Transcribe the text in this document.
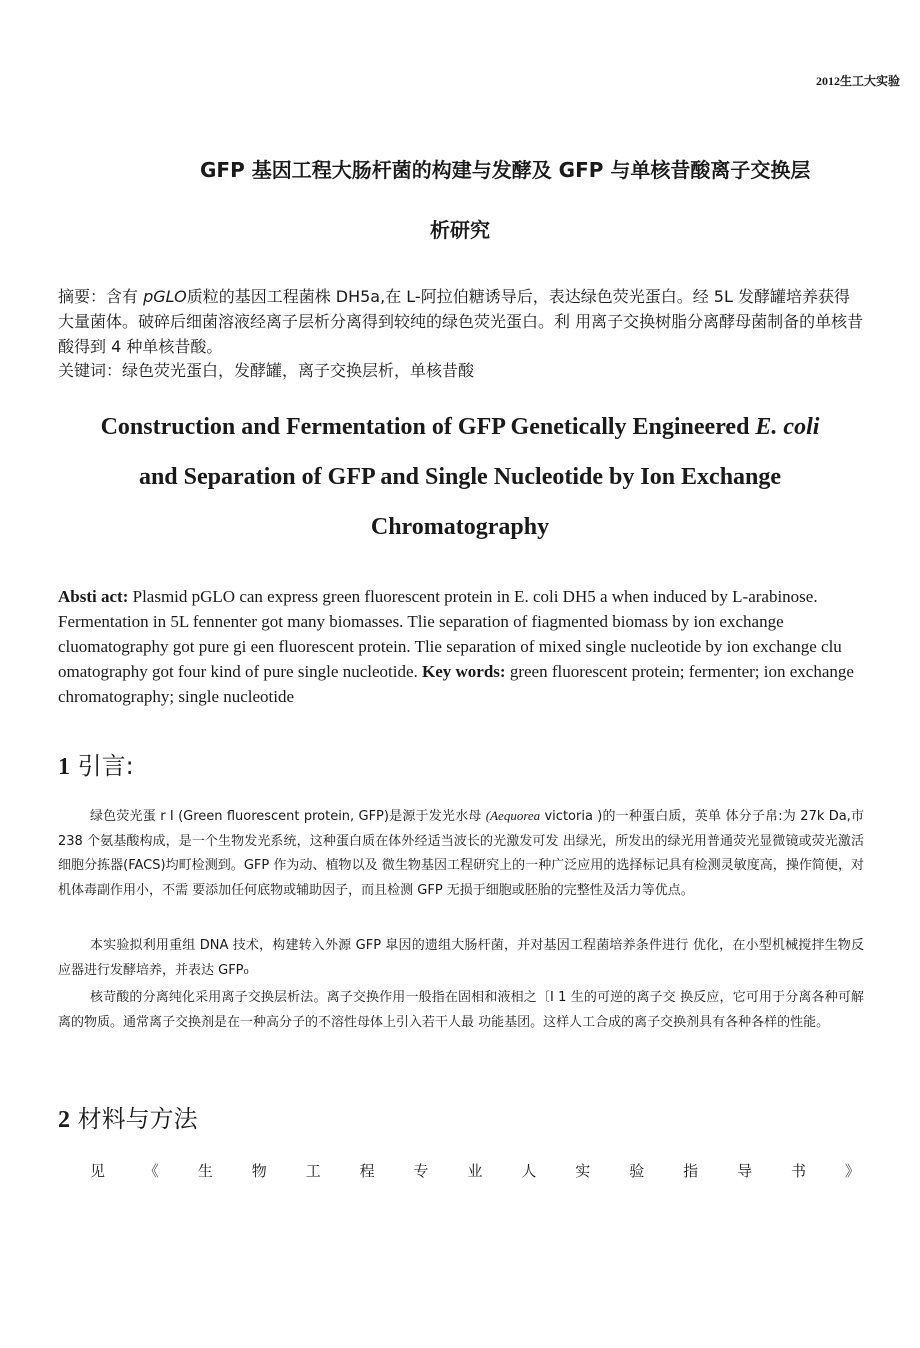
2012生工大实验
GFP 基因工程大肠杆菌的构建与发酵及 GFP 与单核昔酸离子交换层
析研究
摘要：含有 pGLO质粒的基因工程菌株 DH5a,在 L-阿拉伯糖诱导后，表达绿色荧光蛋白。经 5L 发酵罐培养获得大量菌体。破碎后细菌溶液经离子层析分离得到较纯的绿色荧光蛋白。利 用离子交换树脂分离酵母菌制备的单核昔酸得到 4 种单核昔酸。
关键词：绿色荧光蛋白，发酵罐，离子交换层析，单核昔酸
Construction and Fermentation of GFP Genetically Engineered E. coli
and Separation of GFP and Single Nucleotide by Ion Exchange
Chromatography
Absti act: Plasmid pGLO can express green fluorescent protein in E. coli DH5 a when induced by L-arabinose. Fermentation in 5L fennenter got many biomasses. Tlie separation of fiagmented biomass by ion exchange cluomatography got pure gi een fluorescent protein. Tlie separation of mixed single nucleotide by ion exchange clu omatography got four kind of pure single nucleotide. Key words: green fluorescent protein; fermenter; ion exchange chromatography; single nucleotide
1 引言:

绿色荧光蛋 r I (Green fluorescent protein, GFP)是源于发光水母 (Aequorea victoria )的一种蛋白质，英单 体分子帛:为 27k Da,市 238 个氨基酸构成，是一个生物发光系统，这种蛋白质在体外经适当波长的光激发可发 出绿光，所发出的绿光用普通荧光显微镜或荧光激活细胞分拣器(FACS)均町检测到。GFP 作为动、植物以及 微生物基因工程研究上的一种广泛应用的选择标记具有检测灵敏度高，操作简便，对机体毒副作用小，不需 要添加任何底物或辅助因子，而且检测 GFP 无损于细胞或胚胎的完整性及活力等优点。

本实验拟利用重组 DNA 技术，构建转入外源 GFP 皐因的遗组大肠杆菌，并对基因工程菌培养条件进行 优化，在小型机械搅拌生物反应器进行发酵培养，并表达 GFP₀

核苛酸的分离纯化采用离子交换层析法。离子交换作用一般指在固相和液相之〔I 1 生的可逆的离子交 换反应，它可用于分离各种可解离的物质。通常离子交换剂是在一种高分子的不溶性母体上引入若干人最 功能基团。这样人工合成的离子交换剂具有各种各样的性能。

2 材料与方法
见	《	生	物	工	程	专	业	人	实	验	指	导	书	》
